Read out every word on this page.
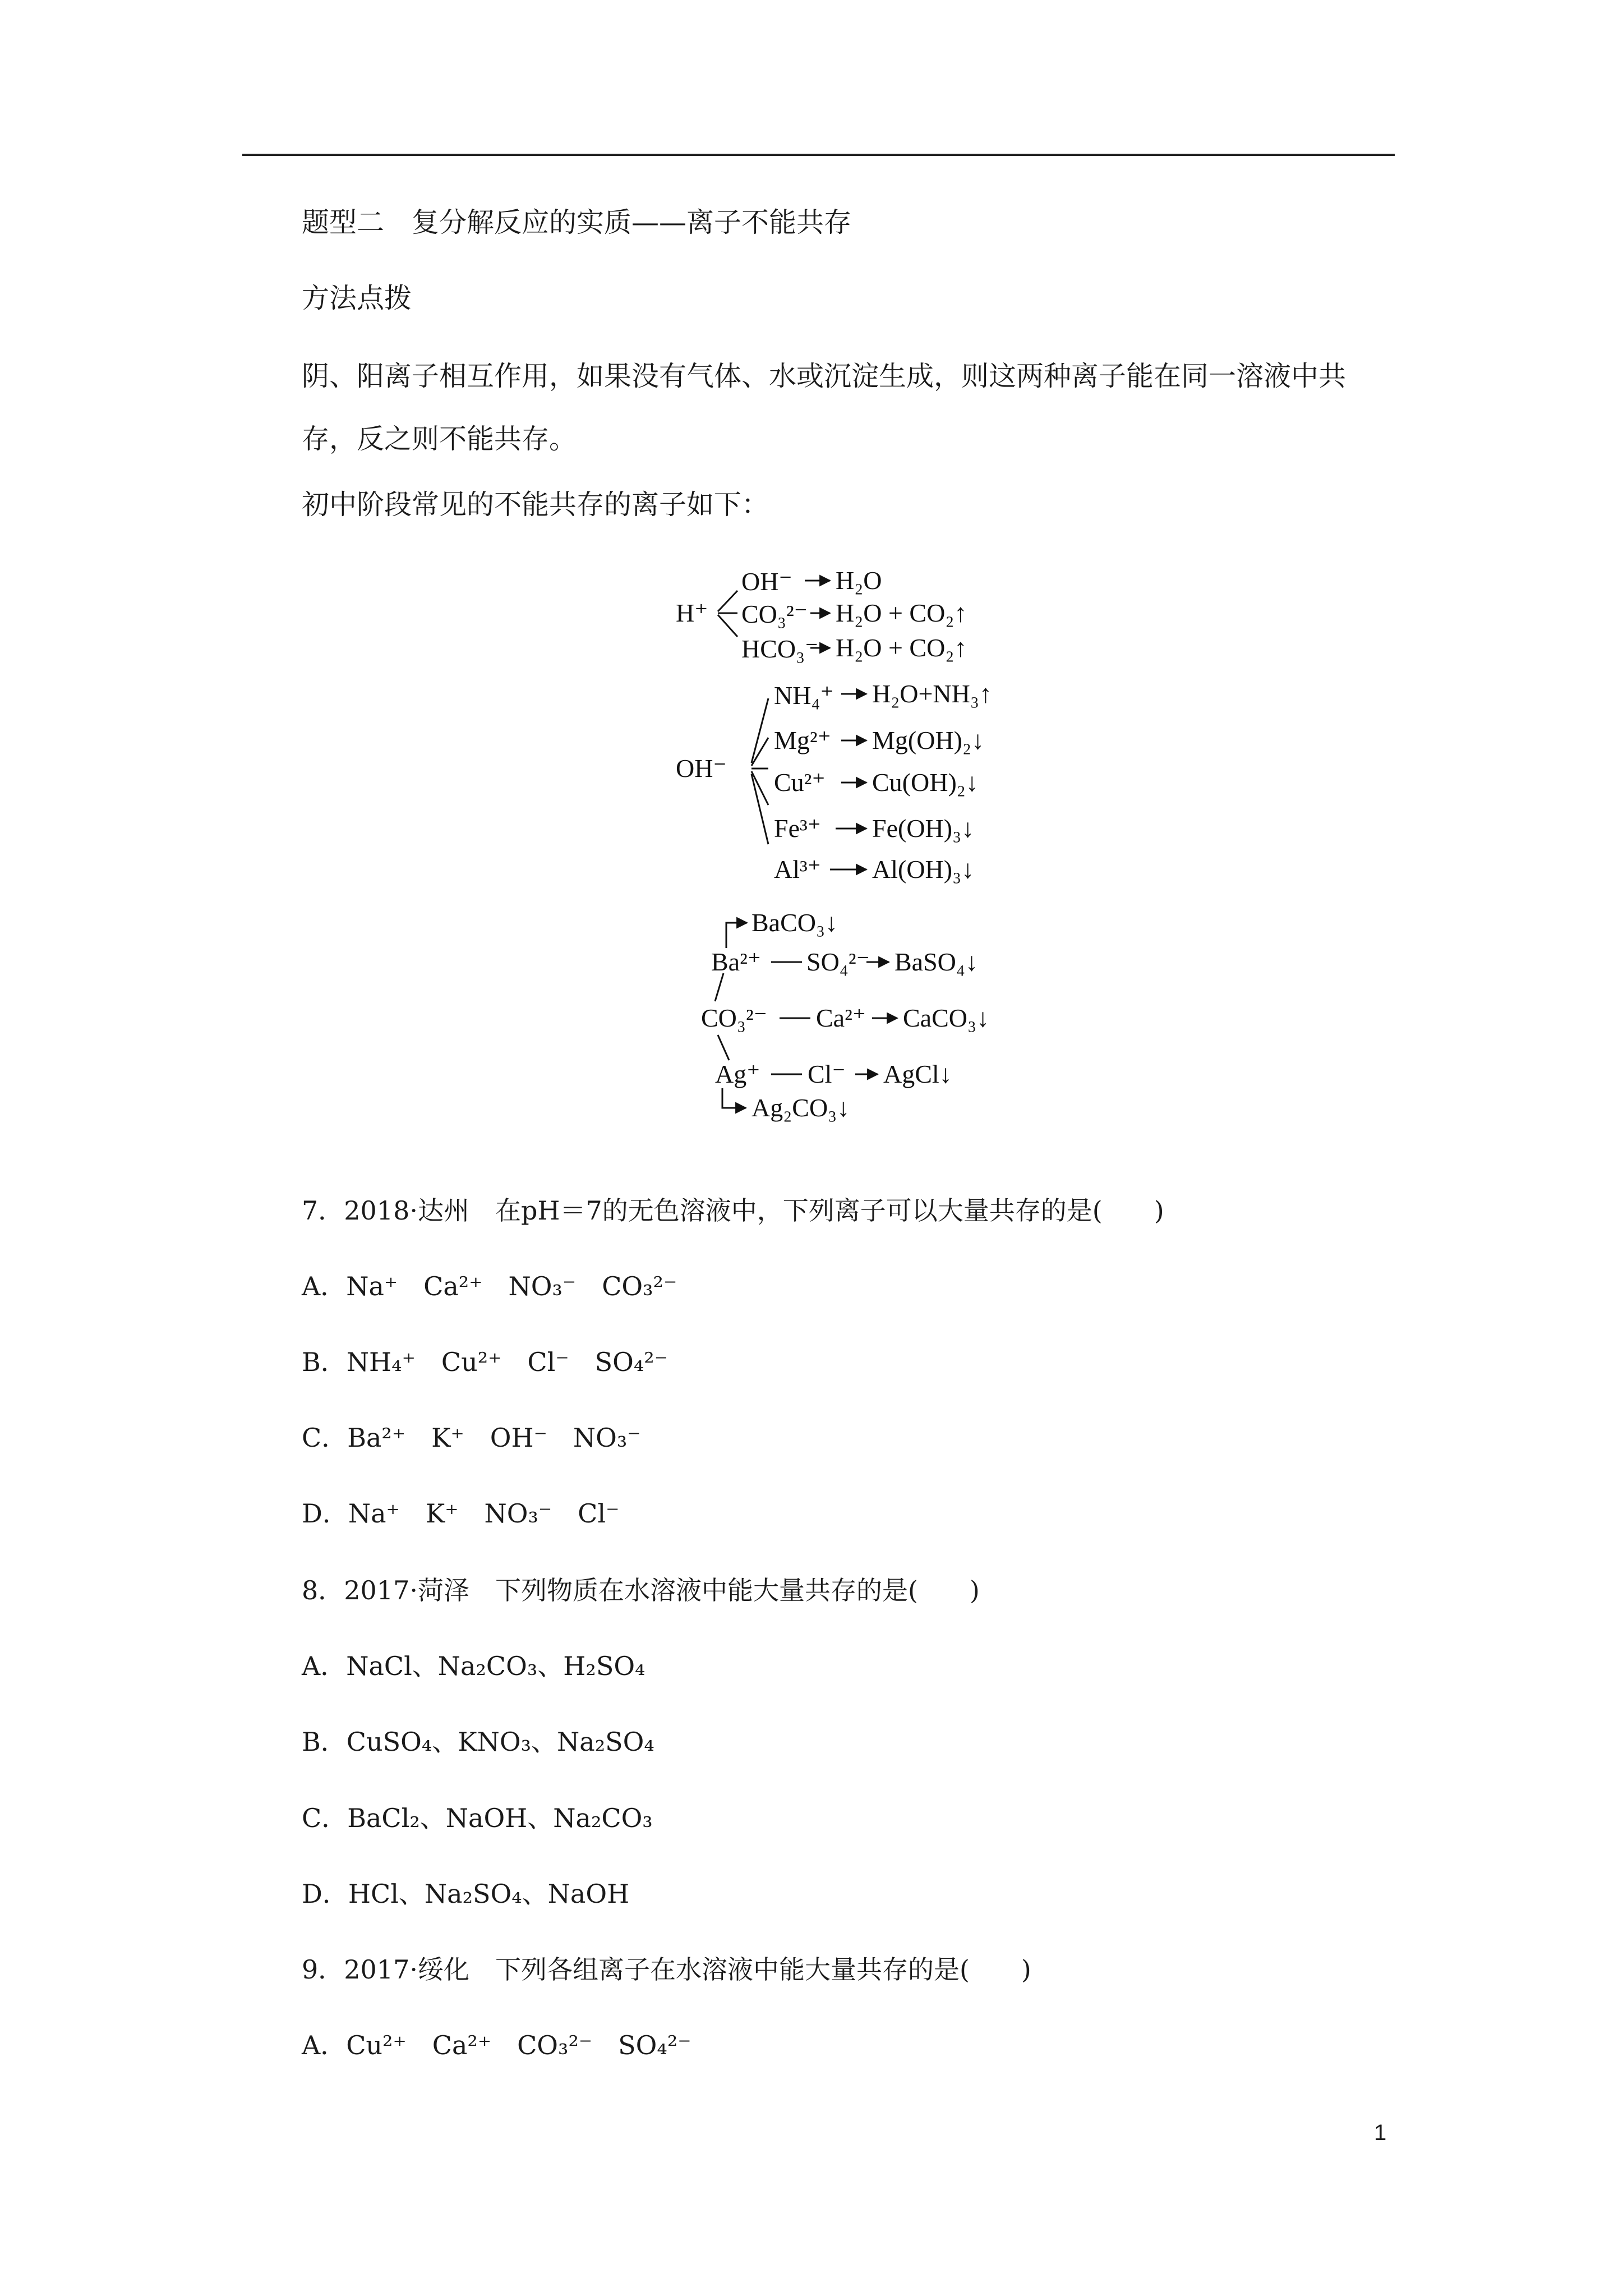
题型二　复分解反应的实质——离子不能共存
方法点拨
阴、阳离子相互作用，如果没有气体、水或沉淀生成，则这两种离子能在同一溶液中共存，反之则不能共存。
初中阶段常见的不能共存的离子如下：
H⁺
OH⁻
CO₃²⁻
HCO₃⁻
H₂O
H₂O + CO₂↑
H₂O + CO₂↑
OH⁻
NH₄⁺
Mg²⁺
Cu²⁺
Fe³⁺
Al³⁺
H₂O+NH₃↑
Mg(OH)₂↓
Cu(OH)₂↓
Fe(OH)₃↓
Al(OH)₃↓
BaCO₃↓
Ba²⁺ SO₄²⁻ BaSO₄↓
CO₃²⁻ Ca²⁺ CaCO₃↓
Ag⁺ Cl⁻ AgCl↓
Ag₂CO₃↓
7．2018·达州　在pH＝7的无色溶液中，下列离子可以大量共存的是(　　)
A．Na⁺　Ca²⁺　NO₃⁻　CO₃²⁻
B．NH₄⁺　Cu²⁺　Cl⁻　SO₄²⁻
C．Ba²⁺　K⁺　OH⁻　NO₃⁻
D．Na⁺　K⁺　NO₃⁻　Cl⁻
8．2017·菏泽　下列物质在水溶液中能大量共存的是(　　)
A．NaCl、Na₂CO₃、H₂SO₄
B．CuSO₄、KNO₃、Na₂SO₄
C．BaCl₂、NaOH、Na₂CO₃
D．HCl、Na₂SO₄、NaOH
9．2017·绥化　下列各组离子在水溶液中能大量共存的是(　　)
A．Cu²⁺　Ca²⁺　CO₃²⁻　SO₄²⁻
1
